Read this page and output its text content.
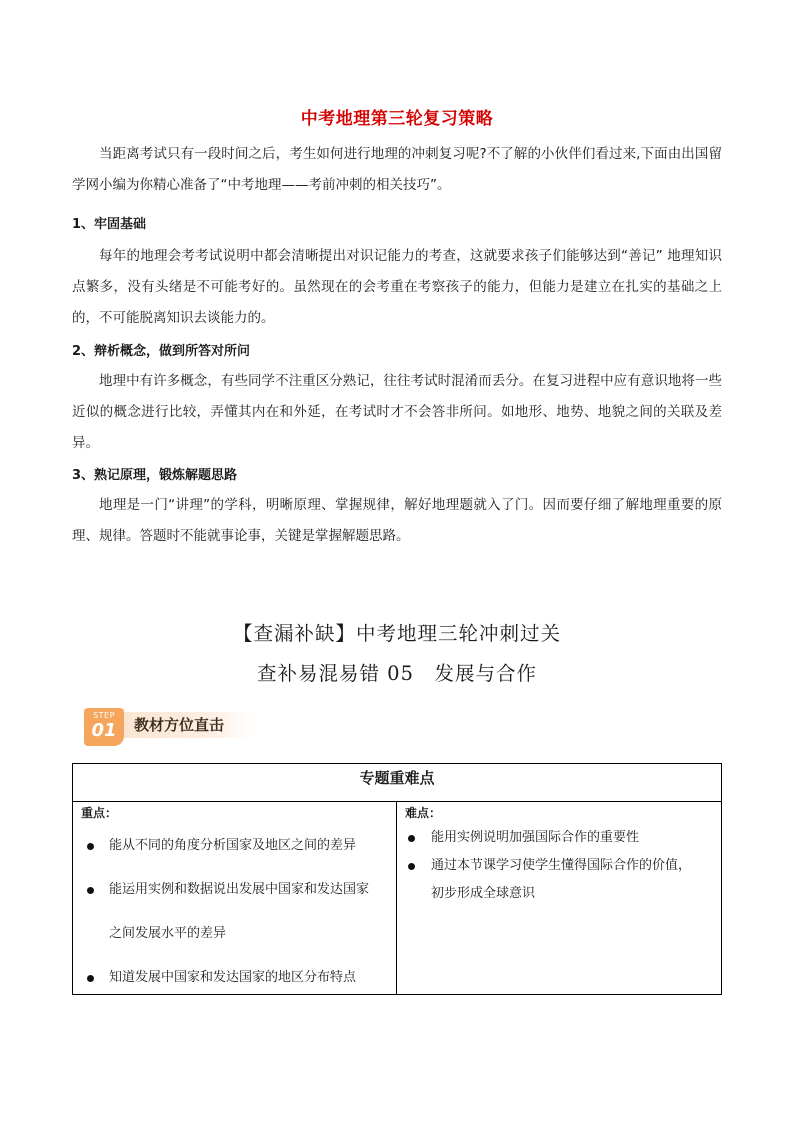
中考地理第三轮复习策略
当距离考试只有一段时间之后，考生如何进行地理的冲刺复习呢?不了解的小伙伴们看过来,下面由出国留学网小编为你精心准备了“中考地理——考前冲刺的相关技巧”。
1、牢固基础
每年的地理会考考试说明中都会清晰提出对识记能力的考查，这就要求孩子们能够达到“善记” 地理知识点繁多，没有头绪是不可能考好的。虽然现在的会考重在考察孩子的能力，但能力是建立在扎实的基础之上的，不可能脱离知识去谈能力的。
2、辩析概念，做到所答对所问
地理中有许多概念，有些同学不注重区分熟记，往往考试时混淆而丢分。在复习进程中应有意识地将一些近似的概念进行比较，弄懂其内在和外延，在考试时才不会答非所问。如地形、地势、地貌之间的关联及差异。
3、熟记原理，锻炼解题思路
地理是一门“讲理”的学科，明晰原理、掌握规律，解好地理题就入了门。因而要仔细了解地理重要的原理、规律。答题时不能就事论事，关键是掌握解题思路。
【查漏补缺】中考地理三轮冲刺过关
查补易混易错 05　发展与合作
STEP
01	教材方位直击
专题重难点
重点：
能从不同的角度分析国家及地区之间的差异
能运用实例和数据说出发展中国家和发达国家
之间发展水平的差异
知道发展中国家和发达国家的地区分布特点
难点：
能用实例说明加强国际合作的重要性
通过本节课学习使学生懂得国际合作的价值，
初步形成全球意识
